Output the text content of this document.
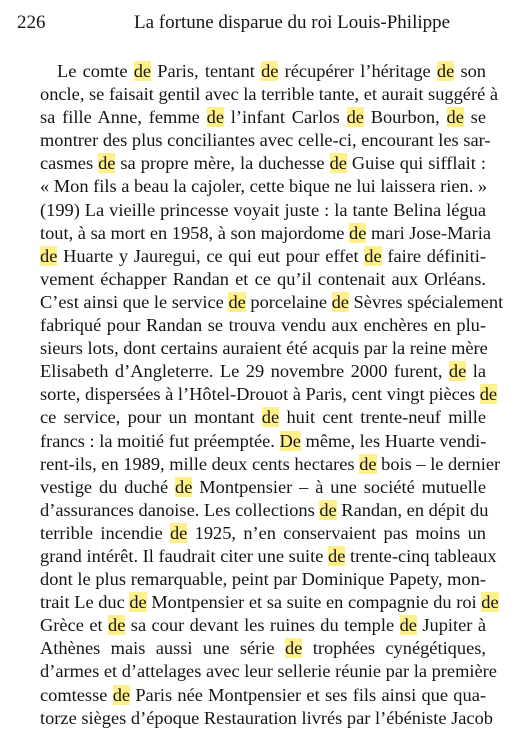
226	La fortune disparue du roi Louis-Philippe
Le comte de Paris, tentant de récupérer l’héritage de son
oncle, se faisait gentil avec la terrible tante, et aurait suggéré à
sa fille Anne, femme de l’infant Carlos de Bourbon, de se
montrer des plus conciliantes avec celle-ci, encourant les sar-
casmes de sa propre mère, la duchesse de Guise qui sifflait :
« Mon fils a beau la cajoler, cette bique ne lui laissera rien. »
(199) La vieille princesse voyait juste : la tante Belina légua
tout, à sa mort en 1958, à son majordome de mari Jose-Maria
de Huarte y Jauregui, ce qui eut pour effet de faire définiti-
vement échapper Randan et ce qu’il contenait aux Orléans.
C’est ainsi que le service de porcelaine de Sèvres spécialement
fabriqué pour Randan se trouva vendu aux enchères en plu-
sieurs lots, dont certains auraient été acquis par la reine mère
Elisabeth d’Angleterre. Le 29 novembre 2000 furent, de la
sorte, dispersées à l’Hôtel-Drouot à Paris, cent vingt pièces de
ce service, pour un montant de huit cent trente-neuf mille
francs : la moitié fut préemptée. De même, les Huarte vendi-
rent-ils, en 1989, mille deux cents hectares de bois – le dernier
vestige du duché de Montpensier – à une société mutuelle
d’assurances danoise. Les collections de Randan, en dépit du
terrible incendie de 1925, n’en conservaient pas moins un
grand intérêt. Il faudrait citer une suite de trente-cinq tableaux
dont le plus remarquable, peint par Dominique Papety, mon-
trait Le duc de Montpensier et sa suite en compagnie du roi de
Grèce et de sa cour devant les ruines du temple de Jupiter à
Athènes mais aussi une série de trophées cynégétiques,
d’armes et d’attelages avec leur sellerie réunie par la première
comtesse de Paris née Montpensier et ses fils ainsi que qua-
torze sièges d’époque Restauration livrés par l’ébéniste Jacob
